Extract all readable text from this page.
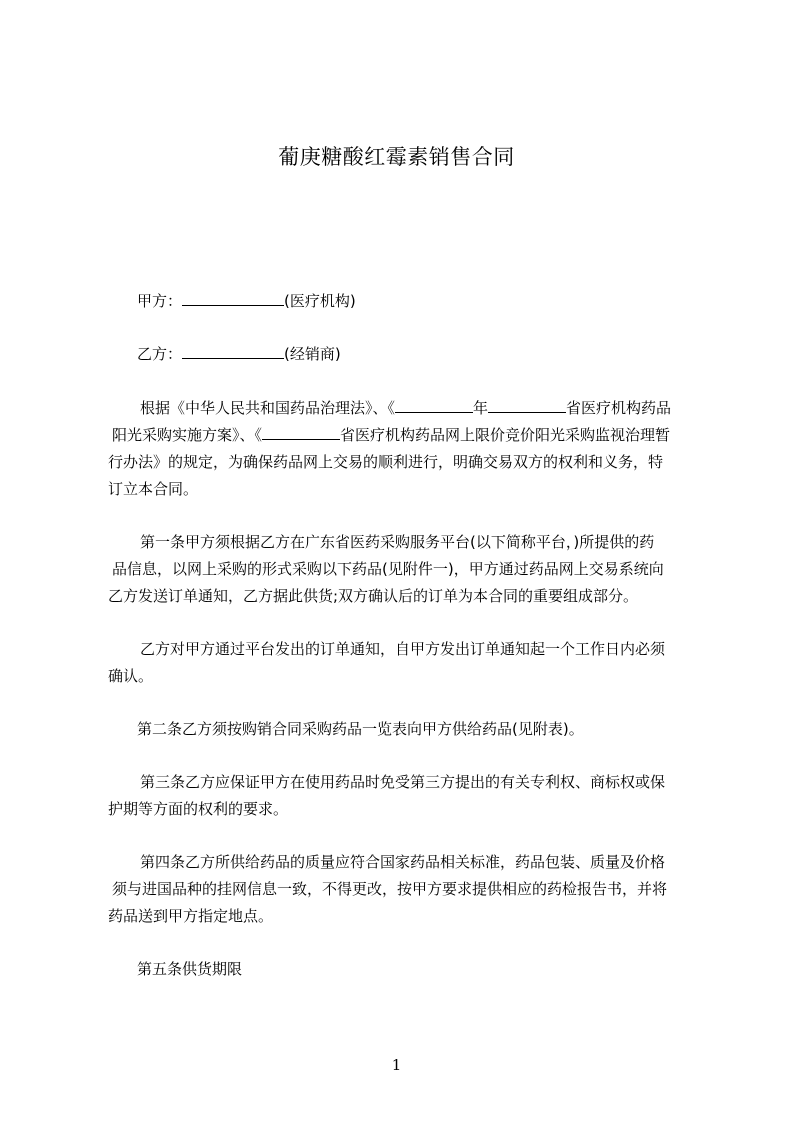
葡庚糖酸红霉素销售合同
甲方：	(医疗机构)
乙方：	(经销商)
根据《中华人民共和国药品治理法》、《	年	省医疗机构药品
阳光采购实施方案》、《	省医疗机构药品网上限价竞价阳光采购监视治理暂
行办法》的规定，为确保药品网上交易的顺利进行，明确交易双方的权利和义务，特
订立本合同。
第一条甲方须根据乙方在广东省医药采购服务平台(以下简称平台，)所提供的药
品信息，以网上采购的形式采购以下药品(见附件一)，甲方通过药品网上交易系统向
乙方发送订单通知，乙方据此供货;双方确认后的订单为本合同的重要组成部分。
乙方对甲方通过平台发出的订单通知，自甲方发出订单通知起一个工作日内必须
确认。
第二条乙方须按购销合同采购药品一览表向甲方供给药品(见附表)。
第三条乙方应保证甲方在使用药品时免受第三方提出的有关专利权、商标权或保
护期等方面的权利的要求。
第四条乙方所供给药品的质量应符合国家药品相关标准，药品包装、质量及价格
须与进国品种的挂网信息一致，不得更改，按甲方要求提供相应的药检报告书，并将
药品送到甲方指定地点。
第五条供货期限
1
